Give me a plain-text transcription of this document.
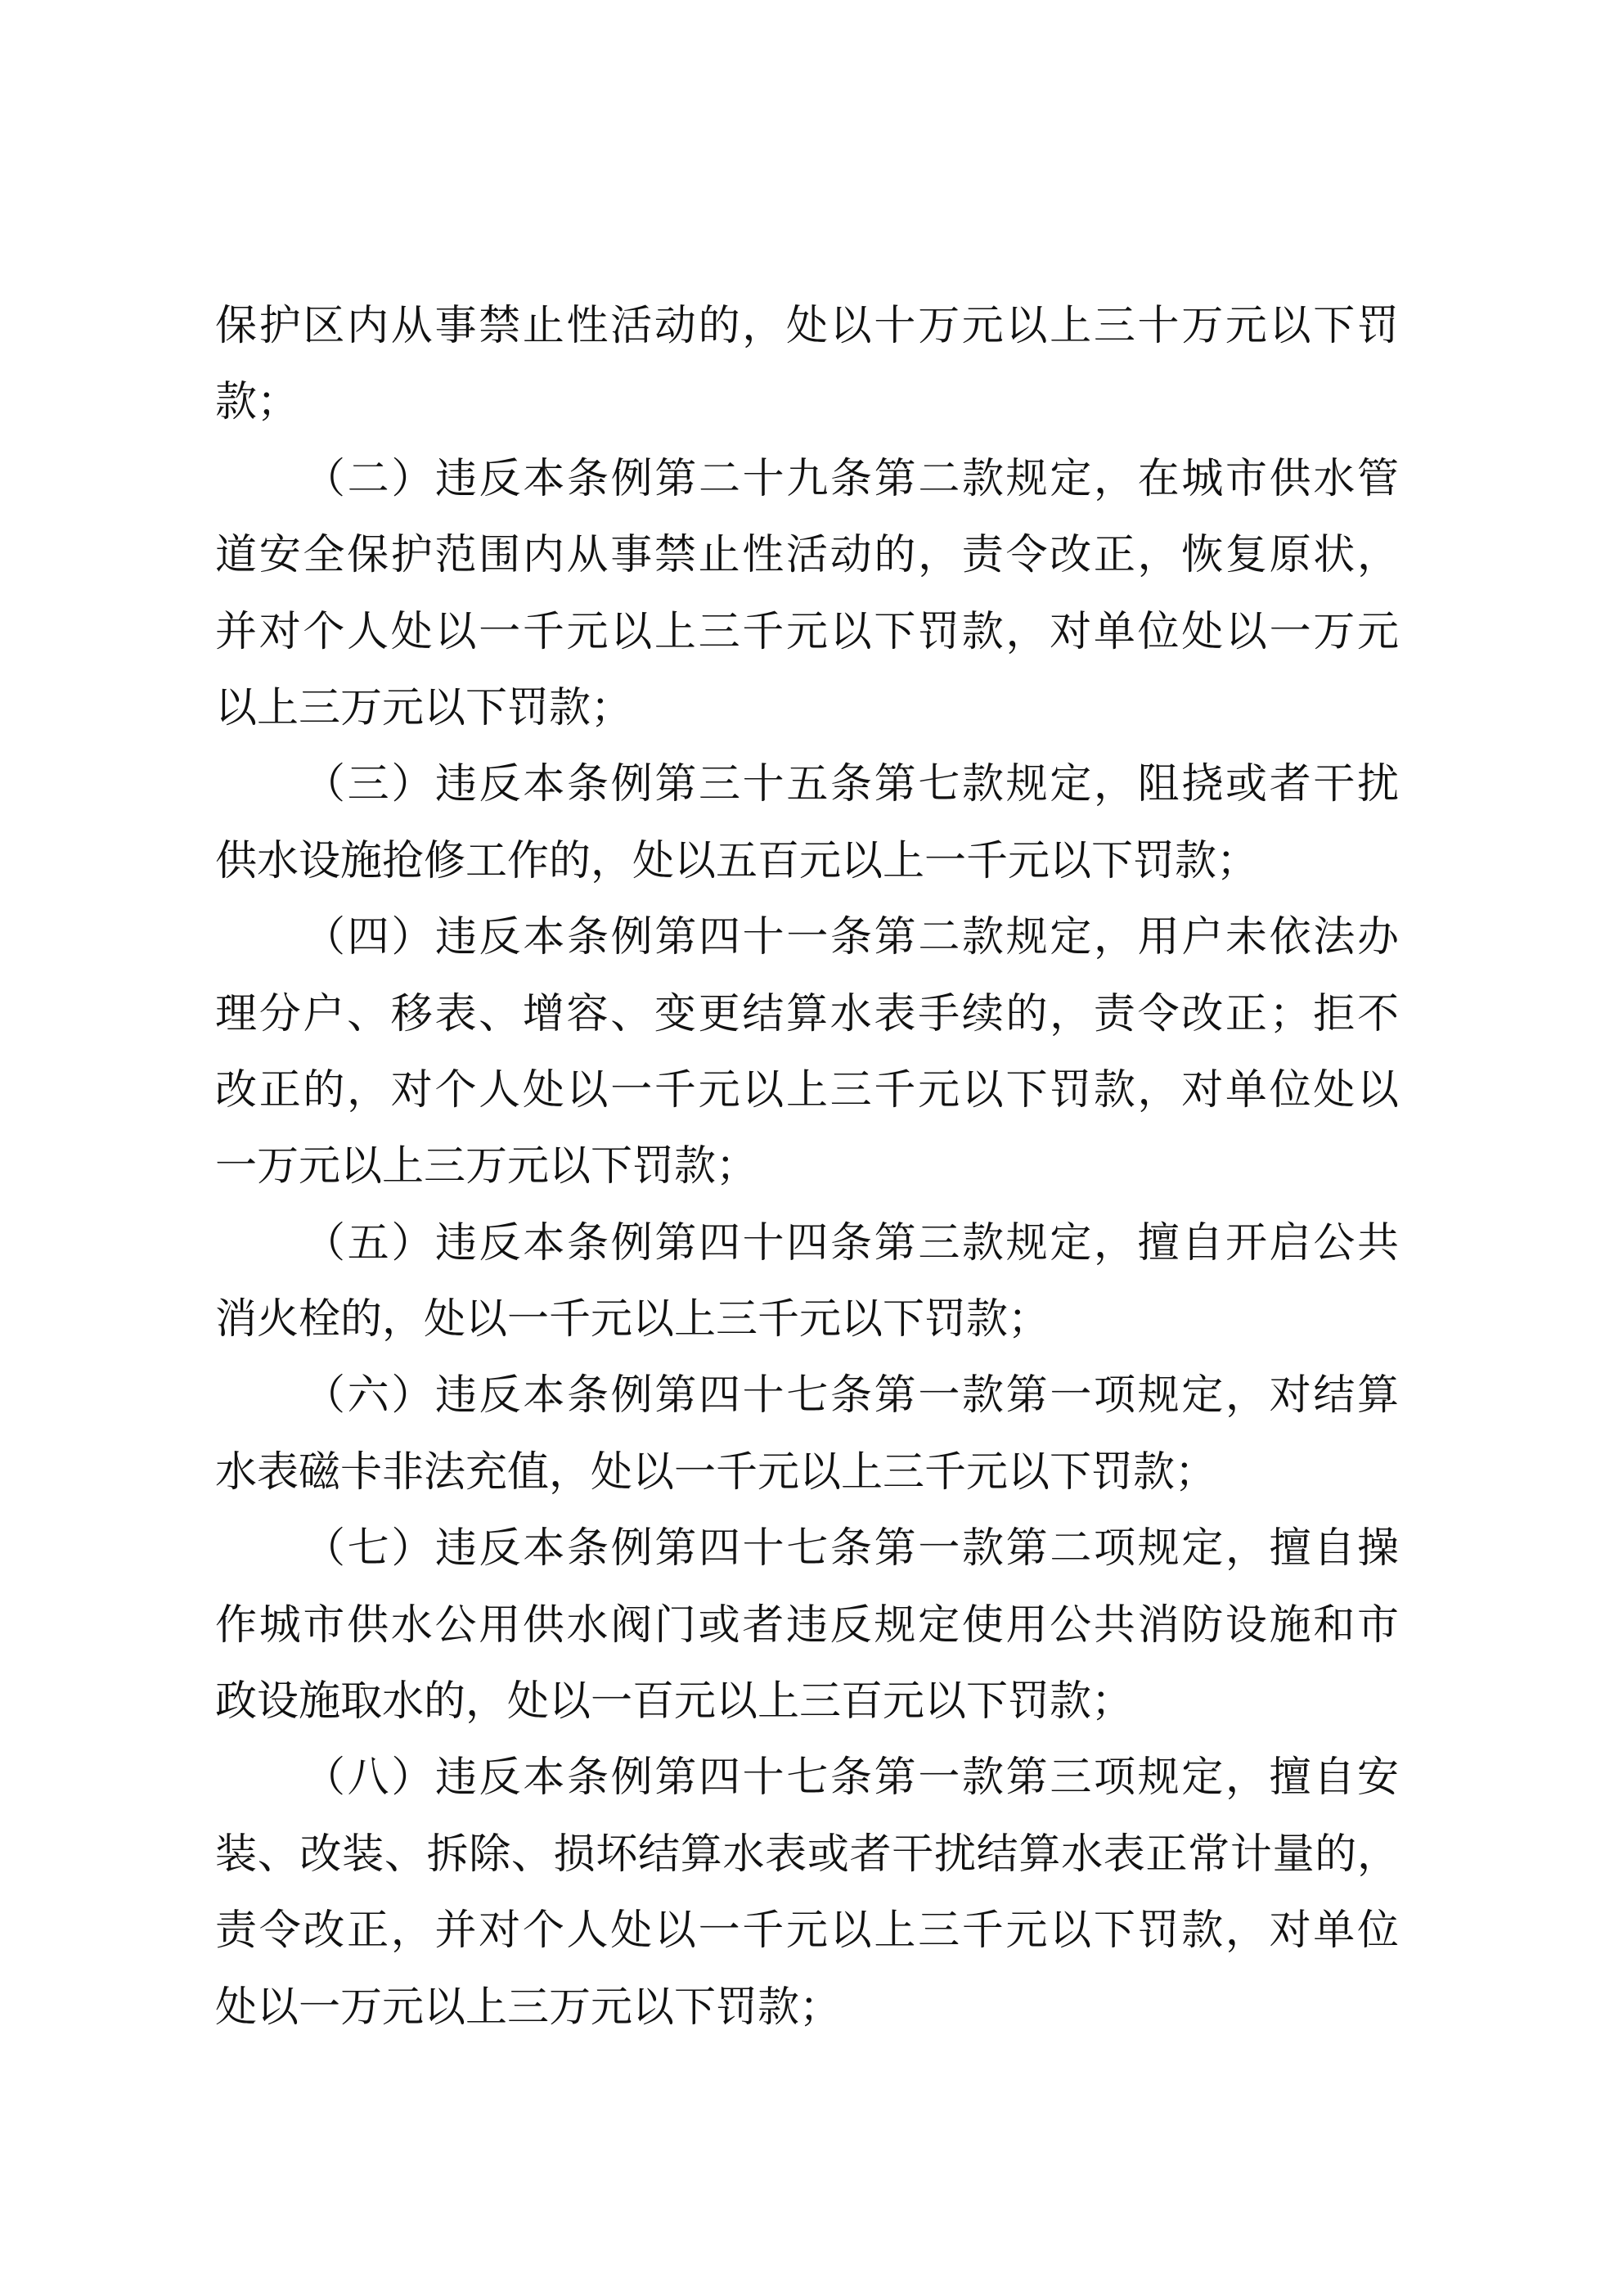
保护区内从事禁止性活动的，处以十万元以上三十万元以下罚
款；
（二）违反本条例第二十九条第二款规定，在城市供水管
道安全保护范围内从事禁止性活动的，责令改正，恢复原状，
并对个人处以一千元以上三千元以下罚款，对单位处以一万元
以上三万元以下罚款；
（三）违反本条例第三十五条第七款规定，阻挠或者干扰
供水设施抢修工作的，处以五百元以上一千元以下罚款；
（四）违反本条例第四十一条第二款规定，用户未依法办
理分户、移表、增容、变更结算水表手续的，责令改正；拒不
改正的，对个人处以一千元以上三千元以下罚款，对单位处以
一万元以上三万元以下罚款；
（五）违反本条例第四十四条第三款规定，擅自开启公共
消火栓的，处以一千元以上三千元以下罚款；
（六）违反本条例第四十七条第一款第一项规定，对结算
水表磁卡非法充值，处以一千元以上三千元以下罚款；
（七）违反本条例第四十七条第一款第二项规定，擅自操
作城市供水公用供水阀门或者违反规定使用公共消防设施和市
政设施取水的，处以一百元以上三百元以下罚款；
（八）违反本条例第四十七条第一款第三项规定，擅自安
装、改装、拆除、损坏结算水表或者干扰结算水表正常计量的，
责令改正，并对个人处以一千元以上三千元以下罚款，对单位
处以一万元以上三万元以下罚款；
